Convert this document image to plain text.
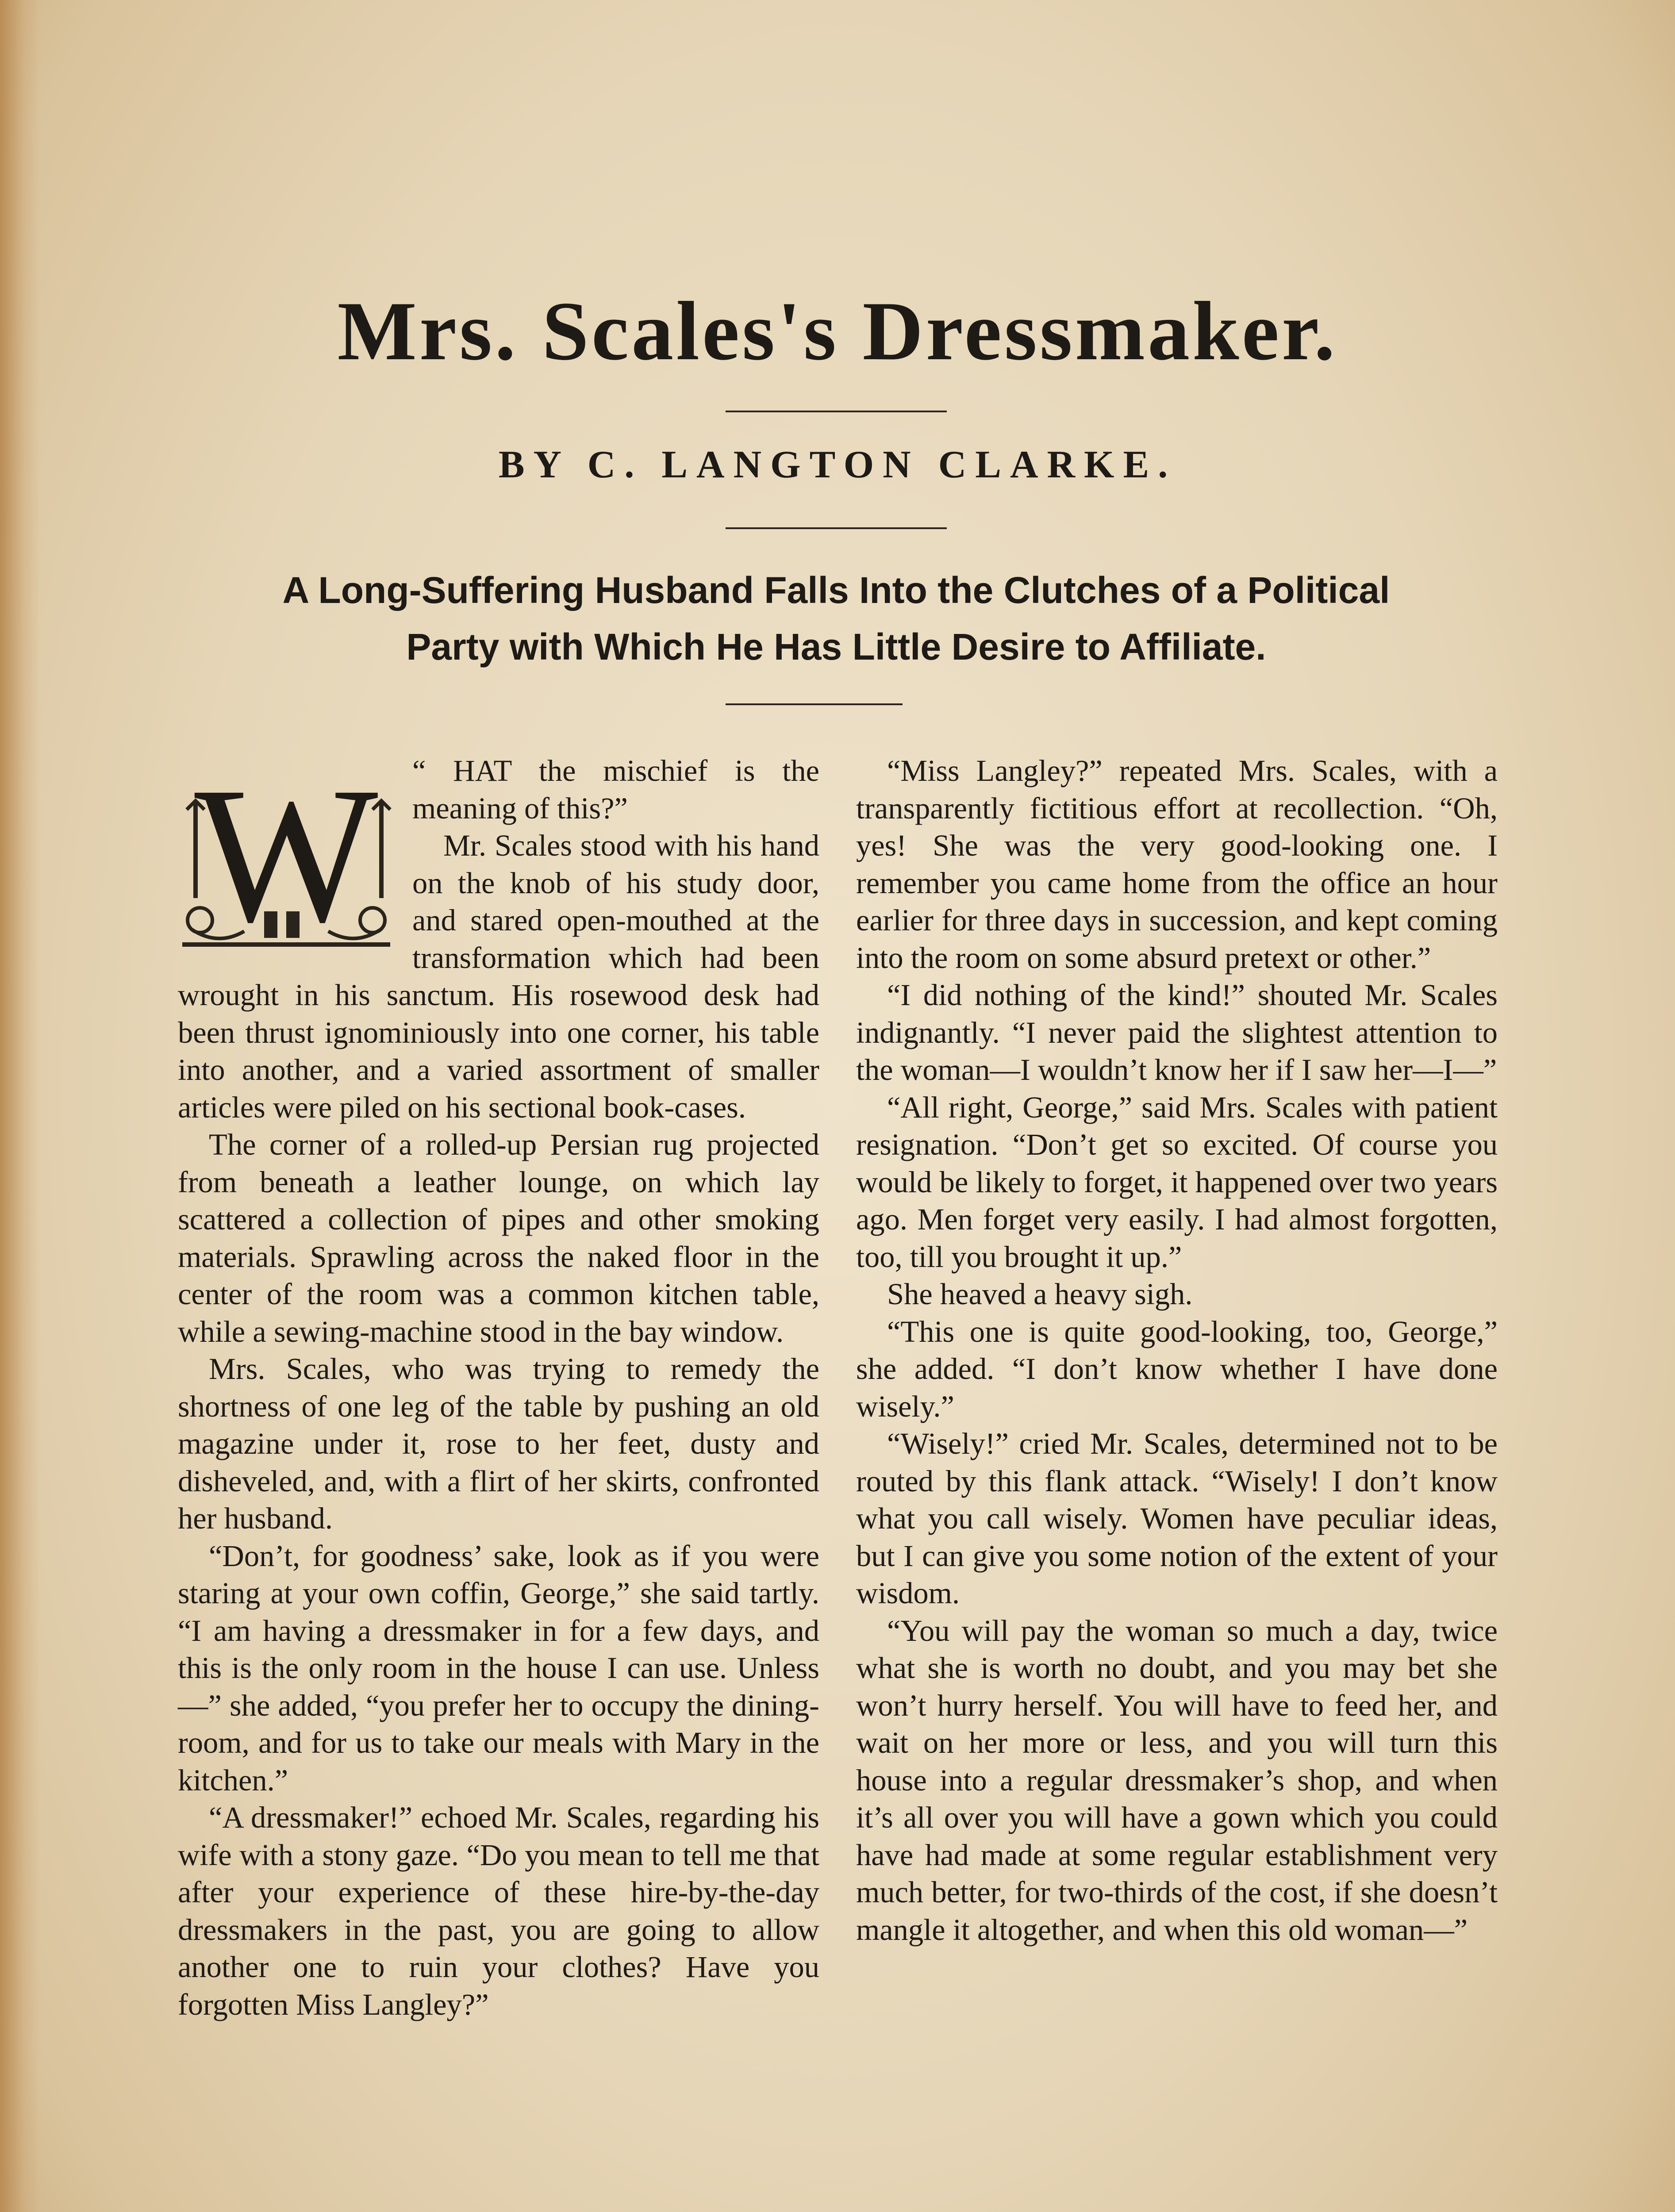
Mrs. Scales's Dressmaker.
BY C. LANGTON CLARKE.
A Long-Suffering Husband Falls Into the Clutches of a Political Party with Which He Has Little Desire to Affiliate.

“
W HAT the mischief is the meaning of this?”

Mr. Scales stood with his hand on the knob of his study door, and stared open-mouthed at the transformation which had been wrought in his sanctum. His rosewood desk had been thrust ignominiously into one corner, his table into another, and a varied assortment of smaller articles were piled on his sectional book-cases.

The corner of a rolled-up Persian rug projected from beneath a leather lounge, on which lay scattered a collection of pipes and other smoking materials. Sprawling across the naked floor in the center of the room was a common kitchen table, while a sewing-machine stood in the bay window.

Mrs. Scales, who was trying to remedy the shortness of one leg of the table by pushing an old magazine under it, rose to her feet, dusty and disheveled, and, with a flirt of her skirts, confronted her husband.

“Don’t, for goodness’ sake, look as if you were staring at your own coffin, George,” she said tartly. “I am having a dressmaker in for a few days, and this is the only room in the house I can use. Unless—” she added, “you prefer her to occupy the dining-room, and for us to take our meals with Mary in the kitchen.”

“A dressmaker!” echoed Mr. Scales, regarding his wife with a stony gaze. “Do you mean to tell me that after your experience of these hire-by-the-day dressmakers in the past, you are going to allow another one to ruin your clothes? Have you forgotten Miss Langley?”

“Miss Langley?” repeated Mrs. Scales, with a transparently fictitious effort at recollection. “Oh, yes! She was the very good-looking one. I remember you came home from the office an hour earlier for three days in succession, and kept coming into the room on some absurd pretext or other.”

“I did nothing of the kind!” shouted Mr. Scales indignantly. “I never paid the slightest attention to the woman—I wouldn’t know her if I saw her—I—”

“All right, George,” said Mrs. Scales with patient resignation. “Don’t get so excited. Of course you would be likely to forget, it happened over two years ago. Men forget very easily. I had almost forgotten, too, till you brought it up.”

She heaved a heavy sigh.

“This one is quite good-looking, too, George,” she added. “I don’t know whether I have done wisely.”

“Wisely!” cried Mr. Scales, determined not to be routed by this flank attack. “Wisely! I don’t know what you call wisely. Women have peculiar ideas, but I can give you some notion of the extent of your wisdom.

“You will pay the woman so much a day, twice what she is worth no doubt, and you may bet she won’t hurry herself. You will have to feed her, and wait on her more or less, and you will turn this house into a regular dressmaker’s shop, and when it’s all over you will have a gown which you could have had made at some regular establishment very much better, for two-thirds of the cost, if she doesn’t mangle it altogether, and when this old woman—”
